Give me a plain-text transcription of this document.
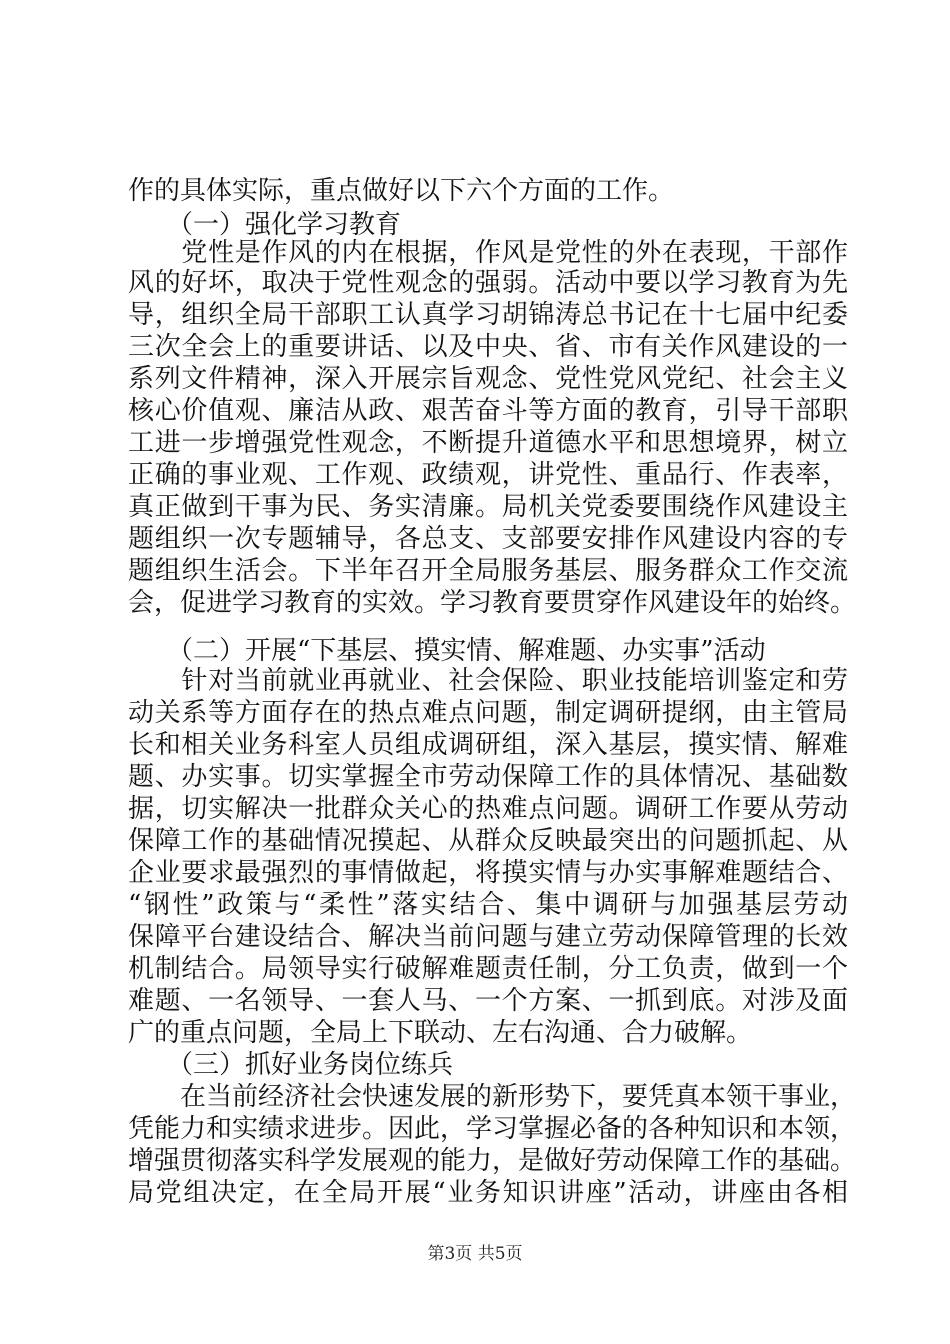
作的具体实际，重点做好以下六个方面的工作。
　　（一）强化学习教育
　　党性是作风的内在根据，作风是党性的外在表现，干部作
风的好坏，取决于党性观念的强弱。活动中要以学习教育为先
导，组织全局干部职工认真学习胡锦涛总书记在十七届中纪委
三次全会上的重要讲话、以及中央、省、市有关作风建设的一
系列文件精神，深入开展宗旨观念、党性党风党纪、社会主义
核心价值观、廉洁从政、艰苦奋斗等方面的教育，引导干部职
工进一步增强党性观念，不断提升道德水平和思想境界，树立
正确的事业观、工作观、政绩观，讲党性、重品行、作表率，
真正做到干事为民、务实清廉。局机关党委要围绕作风建设主
题组织一次专题辅导，各总支、支部要安排作风建设内容的专
题组织生活会。下半年召开全局服务基层、服务群众工作交流
会，促进学习教育的实效。学习教育要贯穿作风建设年的始终。
　　（二）开展“下基层、摸实情、解难题、办实事”活动
　　针对当前就业再就业、社会保险、职业技能培训鉴定和劳
动关系等方面存在的热点难点问题，制定调研提纲，由主管局
长和相关业务科室人员组成调研组，深入基层，摸实情、解难
题、办实事。切实掌握全市劳动保障工作的具体情况、基础数
据，切实解决一批群众关心的热难点问题。调研工作要从劳动
保障工作的基础情况摸起、从群众反映最突出的问题抓起、从
企业要求最强烈的事情做起，将摸实情与办实事解难题结合、
“钢性”政策与“柔性”落实结合、集中调研与加强基层劳动
保障平台建设结合、解决当前问题与建立劳动保障管理的长效
机制结合。局领导实行破解难题责任制，分工负责，做到一个
难题、一名领导、一套人马、一个方案、一抓到底。对涉及面
广的重点问题，全局上下联动、左右沟通、合力破解。
　　（三）抓好业务岗位练兵
　　在当前经济社会快速发展的新形势下，要凭真本领干事业，
凭能力和实绩求进步。因此，学习掌握必备的各种知识和本领，
增强贯彻落实科学发展观的能力，是做好劳动保障工作的基础。
局党组决定，在全局开展“业务知识讲座”活动，讲座由各相
第3页 共5页
